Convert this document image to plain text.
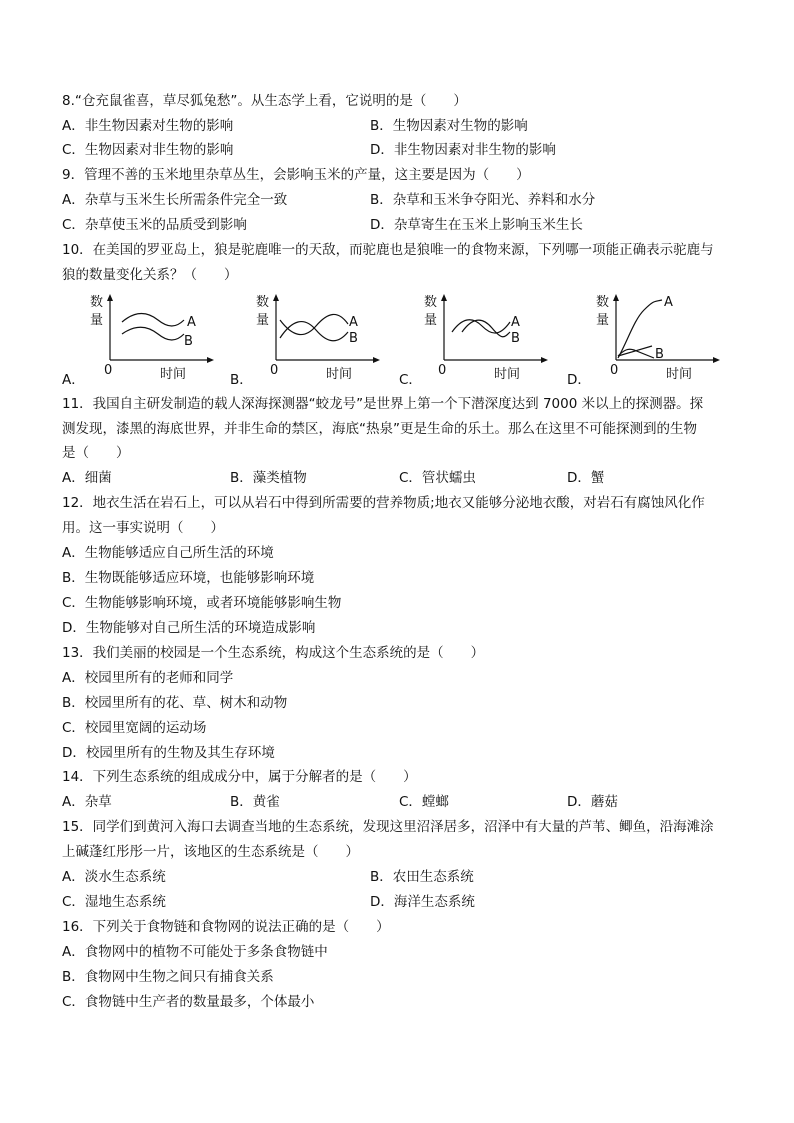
8.“仓充鼠雀喜，草尽狐兔愁”。从生态学上看，它说明的是（　　）
A．非生物因素对生物的影响	B．生物因素对生物的影响
C．生物因素对非生物的影响	D．非生物因素对非生物的影响
9．管理不善的玉米地里杂草丛生，会影响玉米的产量，这主要是因为（　　）
A．杂草与玉米生长所需条件完全一致	B．杂草和玉米争夺阳光、养料和水分
C．杂草使玉米的品质受到影响	D．杂草寄生在玉米上影响玉米生长
10．在美国的罗亚岛上，狼是驼鹿唯一的天敌，而驼鹿也是狼唯一的食物来源，下列哪一项能正确表示驼鹿与
狼的数量变化关系？（　　）
数
量	A
B
0	时间
A．
数
量	A
B
0	时间
B．
数
量	A
B
0	时间
C．
数
量
A
B
0	时间
D．
11．我国自主研发制造的载人深海探测器“蛟龙号”是世界上第一个下潜深度达到 7000 米以上的探测器。探
测发现，漆黑的海底世界，并非生命的禁区，海底“热泉”更是生命的乐土。那么在这里不可能探测到的生物
是（　　）
A．细菌	B．藻类植物	C．管状蠕虫	D．蟹
12．地衣生活在岩石上，可以从岩石中得到所需要的营养物质;地衣又能够分泌地衣酸，对岩石有腐蚀风化作
用。这一事实说明（　　）
A．生物能够适应自己所生活的环境
B．生物既能够适应环境，也能够影响环境
C．生物能够影响环境，或者环境能够影响生物
D．生物能够对自己所生活的环境造成影响
13．我们美丽的校园是一个生态系统，构成这个生态系统的是（　　）
A．校园里所有的老师和同学
B．校园里所有的花、草、树木和动物
C．校园里宽阔的运动场
D．校园里所有的生物及其生存环境
14．下列生态系统的组成成分中，属于分解者的是（　　）
A．杂草	B．黄雀	C．螳螂	D．蘑菇
15．同学们到黄河入海口去调查当地的生态系统，发现这里沼泽居多，沼泽中有大量的芦苇、鲫鱼，沿海滩涂
上碱蓬红彤彤一片，该地区的生态系统是（　　）
A．淡水生态系统	B．农田生态系统
C．湿地生态系统	D．海洋生态系统
16．下列关于食物链和食物网的说法正确的是（　　）
A．食物网中的植物不可能处于多条食物链中
B．食物网中生物之间只有捕食关系
C．食物链中生产者的数量最多，个体最小
